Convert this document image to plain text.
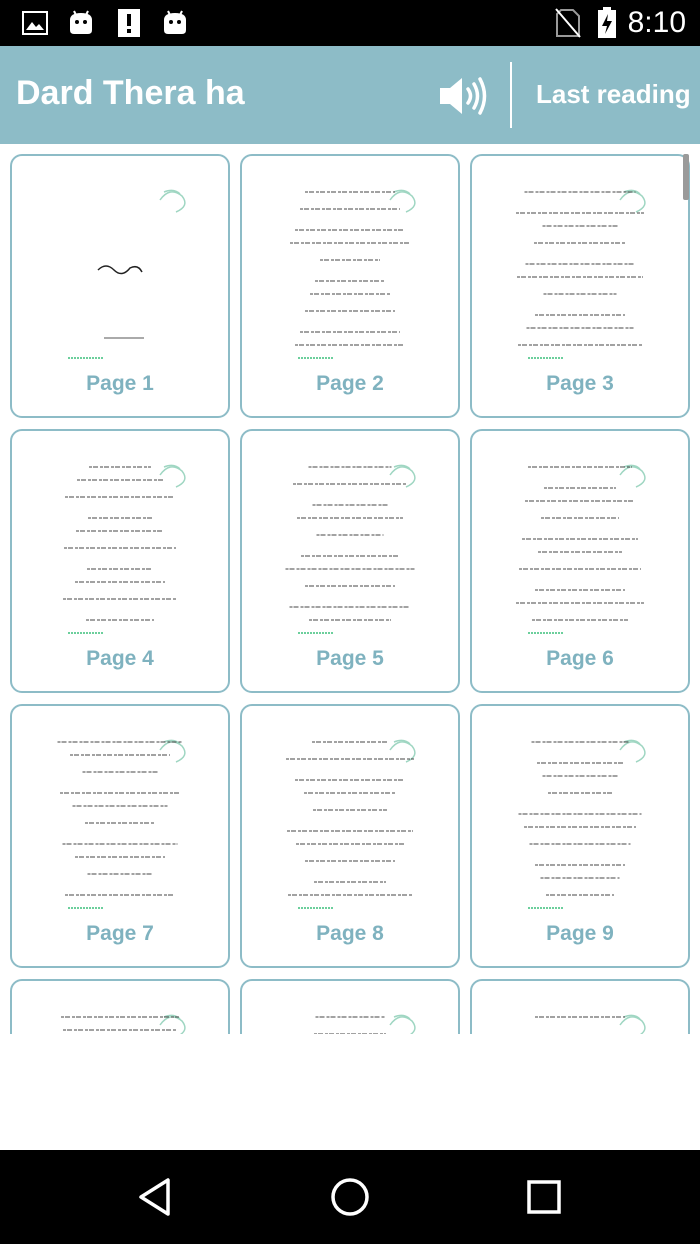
8:10
Dard Thera ha	Last reading
Page 1	Page 2	Page 3
Page 4	Page 5	Page 6
Page 7	Page 8	Page 9
